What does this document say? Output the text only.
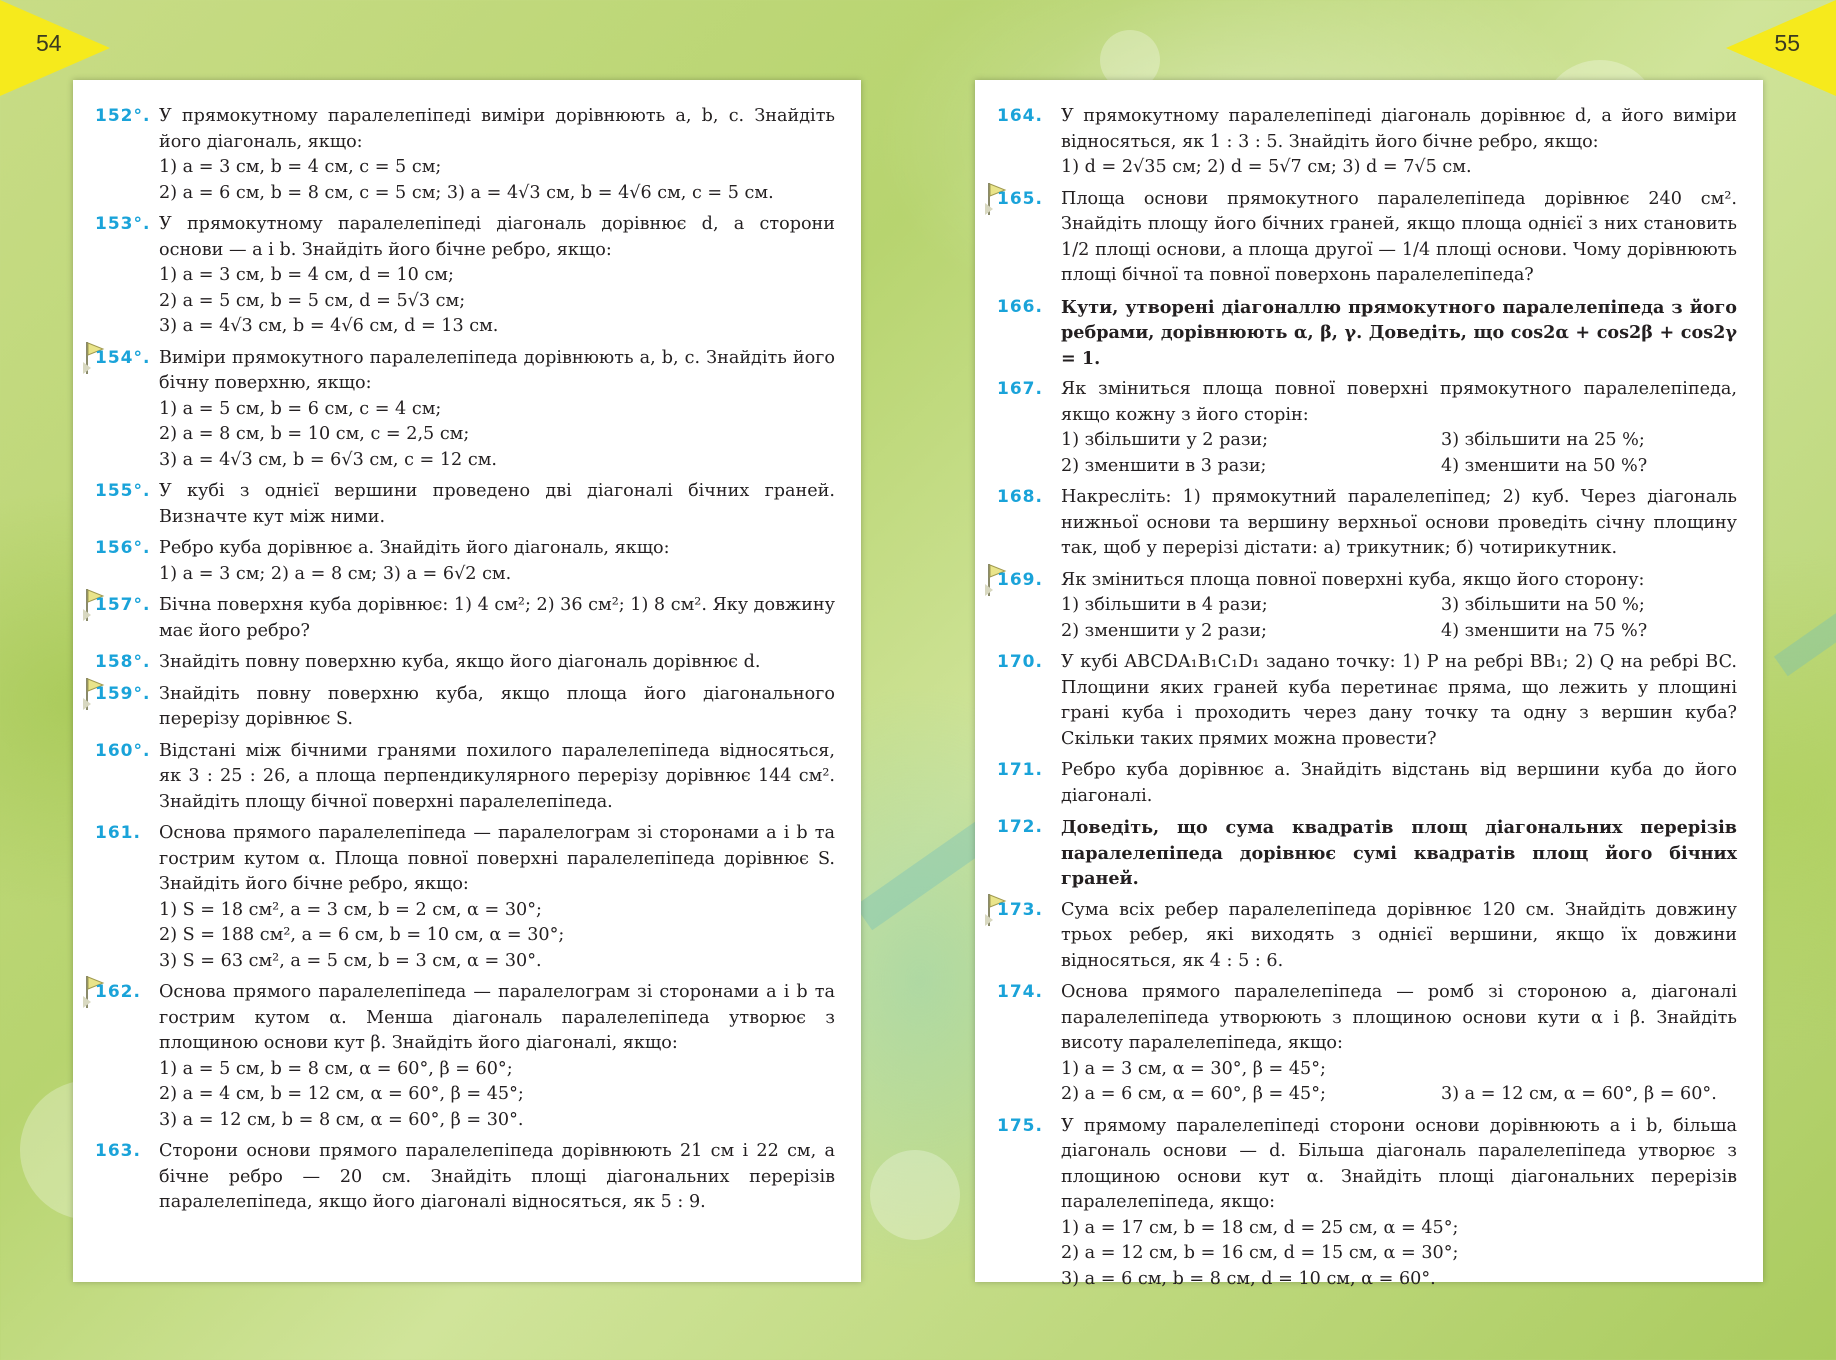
54	55
152°. У прямокутному паралелепіпеді виміри дорівнюють a, b, c. Знайдіть його діагональ, якщо:

1) a = 3 см, b = 4 см, c = 5 см;

2) a = 6 см, b = 8 см, c = 5 см; 3) a = 4√3 см, b = 4√6 см, c = 5 см.

153°. У прямокутному паралелепіпеді діагональ дорівнює d, а сторони основи — a і b. Знайдіть його бічне ребро, якщо:

1) a = 3 см, b = 4 см, d = 10 см;

2) a = 5 см, b = 5 см, d = 5√3 см;

3) a = 4√3 см, b = 4√6 см, d = 13 см.

154°. Виміри прямокутного паралелепіпеда дорівнюють a, b, c. Знайдіть його бічну поверхню, якщо:

1) a = 5 см, b = 6 см, c = 4 см;

2) a = 8 см, b = 10 см, c = 2,5 см;

3) a = 4√3 см, b = 6√3 см, c = 12 см.

155°. У кубі з однієї вершини проведено дві діагоналі бічних граней. Визначте кут між ними.

156°. Ребро куба дорівнює a. Знайдіть його діагональ, якщо:

1) a = 3 см; 2) a = 8 см; 3) a = 6√2 см.

157°. Бічна поверхня куба дорівнює: 1) 4 см²; 2) 36 см²; 1) 8 см². Яку довжину має його ребро?

158°. Знайдіть повну поверхню куба, якщо його діагональ дорівнює d.

159°. Знайдіть повну поверхню куба, якщо площа його діагонального перерізу дорівнює S.

160°. Відстані між бічними гранями похилого паралелепіпеда відносяться, як 3 : 25 : 26, а площа перпендикулярного перерізу дорівнює 144 см². Знайдіть площу бічної поверхні паралелепіпеда.

161. Основа прямого паралелепіпеда — паралелограм зі сторонами a і b та гострим кутом α. Площа повної поверхні паралелепіпеда дорівнює S. Знайдіть його бічне ребро, якщо:

1) S = 18 см², a = 3 см, b = 2 см, α = 30°;

2) S = 188 см², a = 6 см, b = 10 см, α = 30°;

3) S = 63 см², a = 5 см, b = 3 см, α = 30°.

162. Основа прямого паралелепіпеда — паралелограм зі сторонами a і b та гострим кутом α. Менша діагональ паралелепіпеда утворює з площиною основи кут β. Знайдіть його діагоналі, якщо:

1) a = 5 см, b = 8 см, α = 60°, β = 60°;

2) a = 4 см, b = 12 см, α = 60°, β = 45°;

3) a = 12 см, b = 8 см, α = 60°, β = 30°.

163. Сторони основи прямого паралелепіпеда дорівнюють 21 см і 22 см, а бічне ребро — 20 см. Знайдіть площі діагональних перерізів паралелепіпеда, якщо його діагоналі відносяться, як 5 : 9.

164. У прямокутному паралелепіпеді діагональ дорівнює d, а його виміри відносяться, як 1 : 3 : 5. Знайдіть його бічне ребро, якщо:

1) d = 2√35 см; 2) d = 5√7 см; 3) d = 7√5 см.

165. Площа основи прямокутного паралелепіпеда дорівнює 240 см². Знайдіть площу його бічних граней, якщо площа однієї з них становить 1/2 площі основи, а площа другої — 1/4 площі основи. Чому дорівнюють площі бічної та повної поверхонь паралелепіпеда?

166. Кути, утворені діагоналлю прямокутного паралелепіпеда з його ребрами, дорівнюють α, β, γ. Доведіть, що cos2α + cos2β + cos2γ = 1.

167. Як зміниться площа повної поверхні прямокутного паралелепіпеда, якщо кожну з його сторін:

1) збільшити у 2 рази;	3) збільшити на 25 %;
2) зменшити в 3 рази;	4) зменшити на 50 %?
168. Накресліть: 1) прямокутний паралелепіпед; 2) куб. Через діагональ нижньої основи та вершину верхньої основи проведіть січну площину так, щоб у перерізі дістати: а) трикутник; б) чотирикутник.

169. Як зміниться площа повної поверхні куба, якщо його сторону:

1) збільшити в 4 рази;	3) збільшити на 50 %;
2) зменшити у 2 рази;	4) зменшити на 75 %?
170. У кубі ABCDA₁B₁C₁D₁ задано точку: 1) P на ребрі BB₁; 2) Q на ребрі BC. Площини яких граней куба перетинає пряма, що лежить у площині грані куба і проходить через дану точку та одну з вершин куба? Скільки таких прямих можна провести?

171. Ребро куба дорівнює a. Знайдіть відстань від вершини куба до його діагоналі.

172. Доведіть, що сума квадратів площ діагональних перерізів паралелепіпеда дорівнює сумі квадратів площ його бічних граней.

173. Сума всіх ребер паралелепіпеда дорівнює 120 см. Знайдіть довжину трьох ребер, які виходять з однієї вершини, якщо їх довжини відносяться, як 4 : 5 : 6.

174. Основа прямого паралелепіпеда — ромб зі стороною a, діагоналі паралелепіпеда утворюють з площиною основи кути α і β. Знайдіть висоту паралелепіпеда, якщо:

1) a = 3 см, α = 30°, β = 45°;

2) a = 6 см, α = 60°, β = 45°;	3) a = 12 см, α = 60°, β = 60°.
175. У прямому паралелепіпеді сторони основи дорівнюють a і b, більша діагональ основи — d. Більша діагональ паралелепіпеда утворює з площиною основи кут α. Знайдіть площі діагональних перерізів паралелепіпеда, якщо:

1) a = 17 см, b = 18 см, d = 25 см, α = 45°;

2) a = 12 см, b = 16 см, d = 15 см, α = 30°;

3) a = 6 см, b = 8 см, d = 10 см, α = 60°.
